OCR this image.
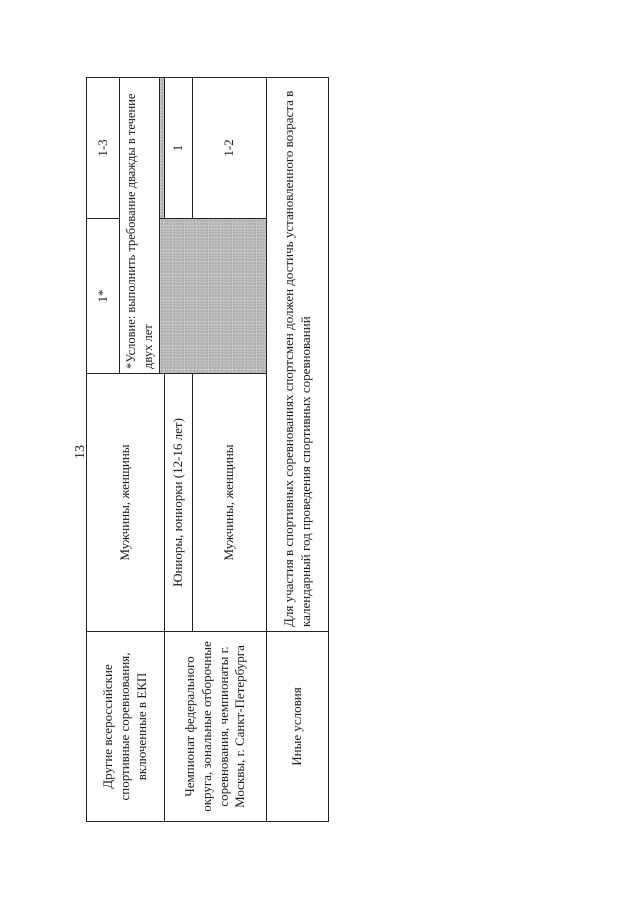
13
Другие всероссийские спортивные соревнования, включенные в ЕКП	Мужчины, женщины	1*	1-3
		*Условие: выполнить требование дважды в течение двух лет	

Чемпионат федерального округа, зональные отборочные соревнования, чемпионаты г. Москвы, г. Санкт-Петербурга	Юниоры, юниорки (12-16 лет)		1
	Мужчины, женщины		1-2
Иные условия	Для участия в спортивных соревнованиях спортсмен должен достичь установленного возраста в календарный год проведения спортивных соревнований		
